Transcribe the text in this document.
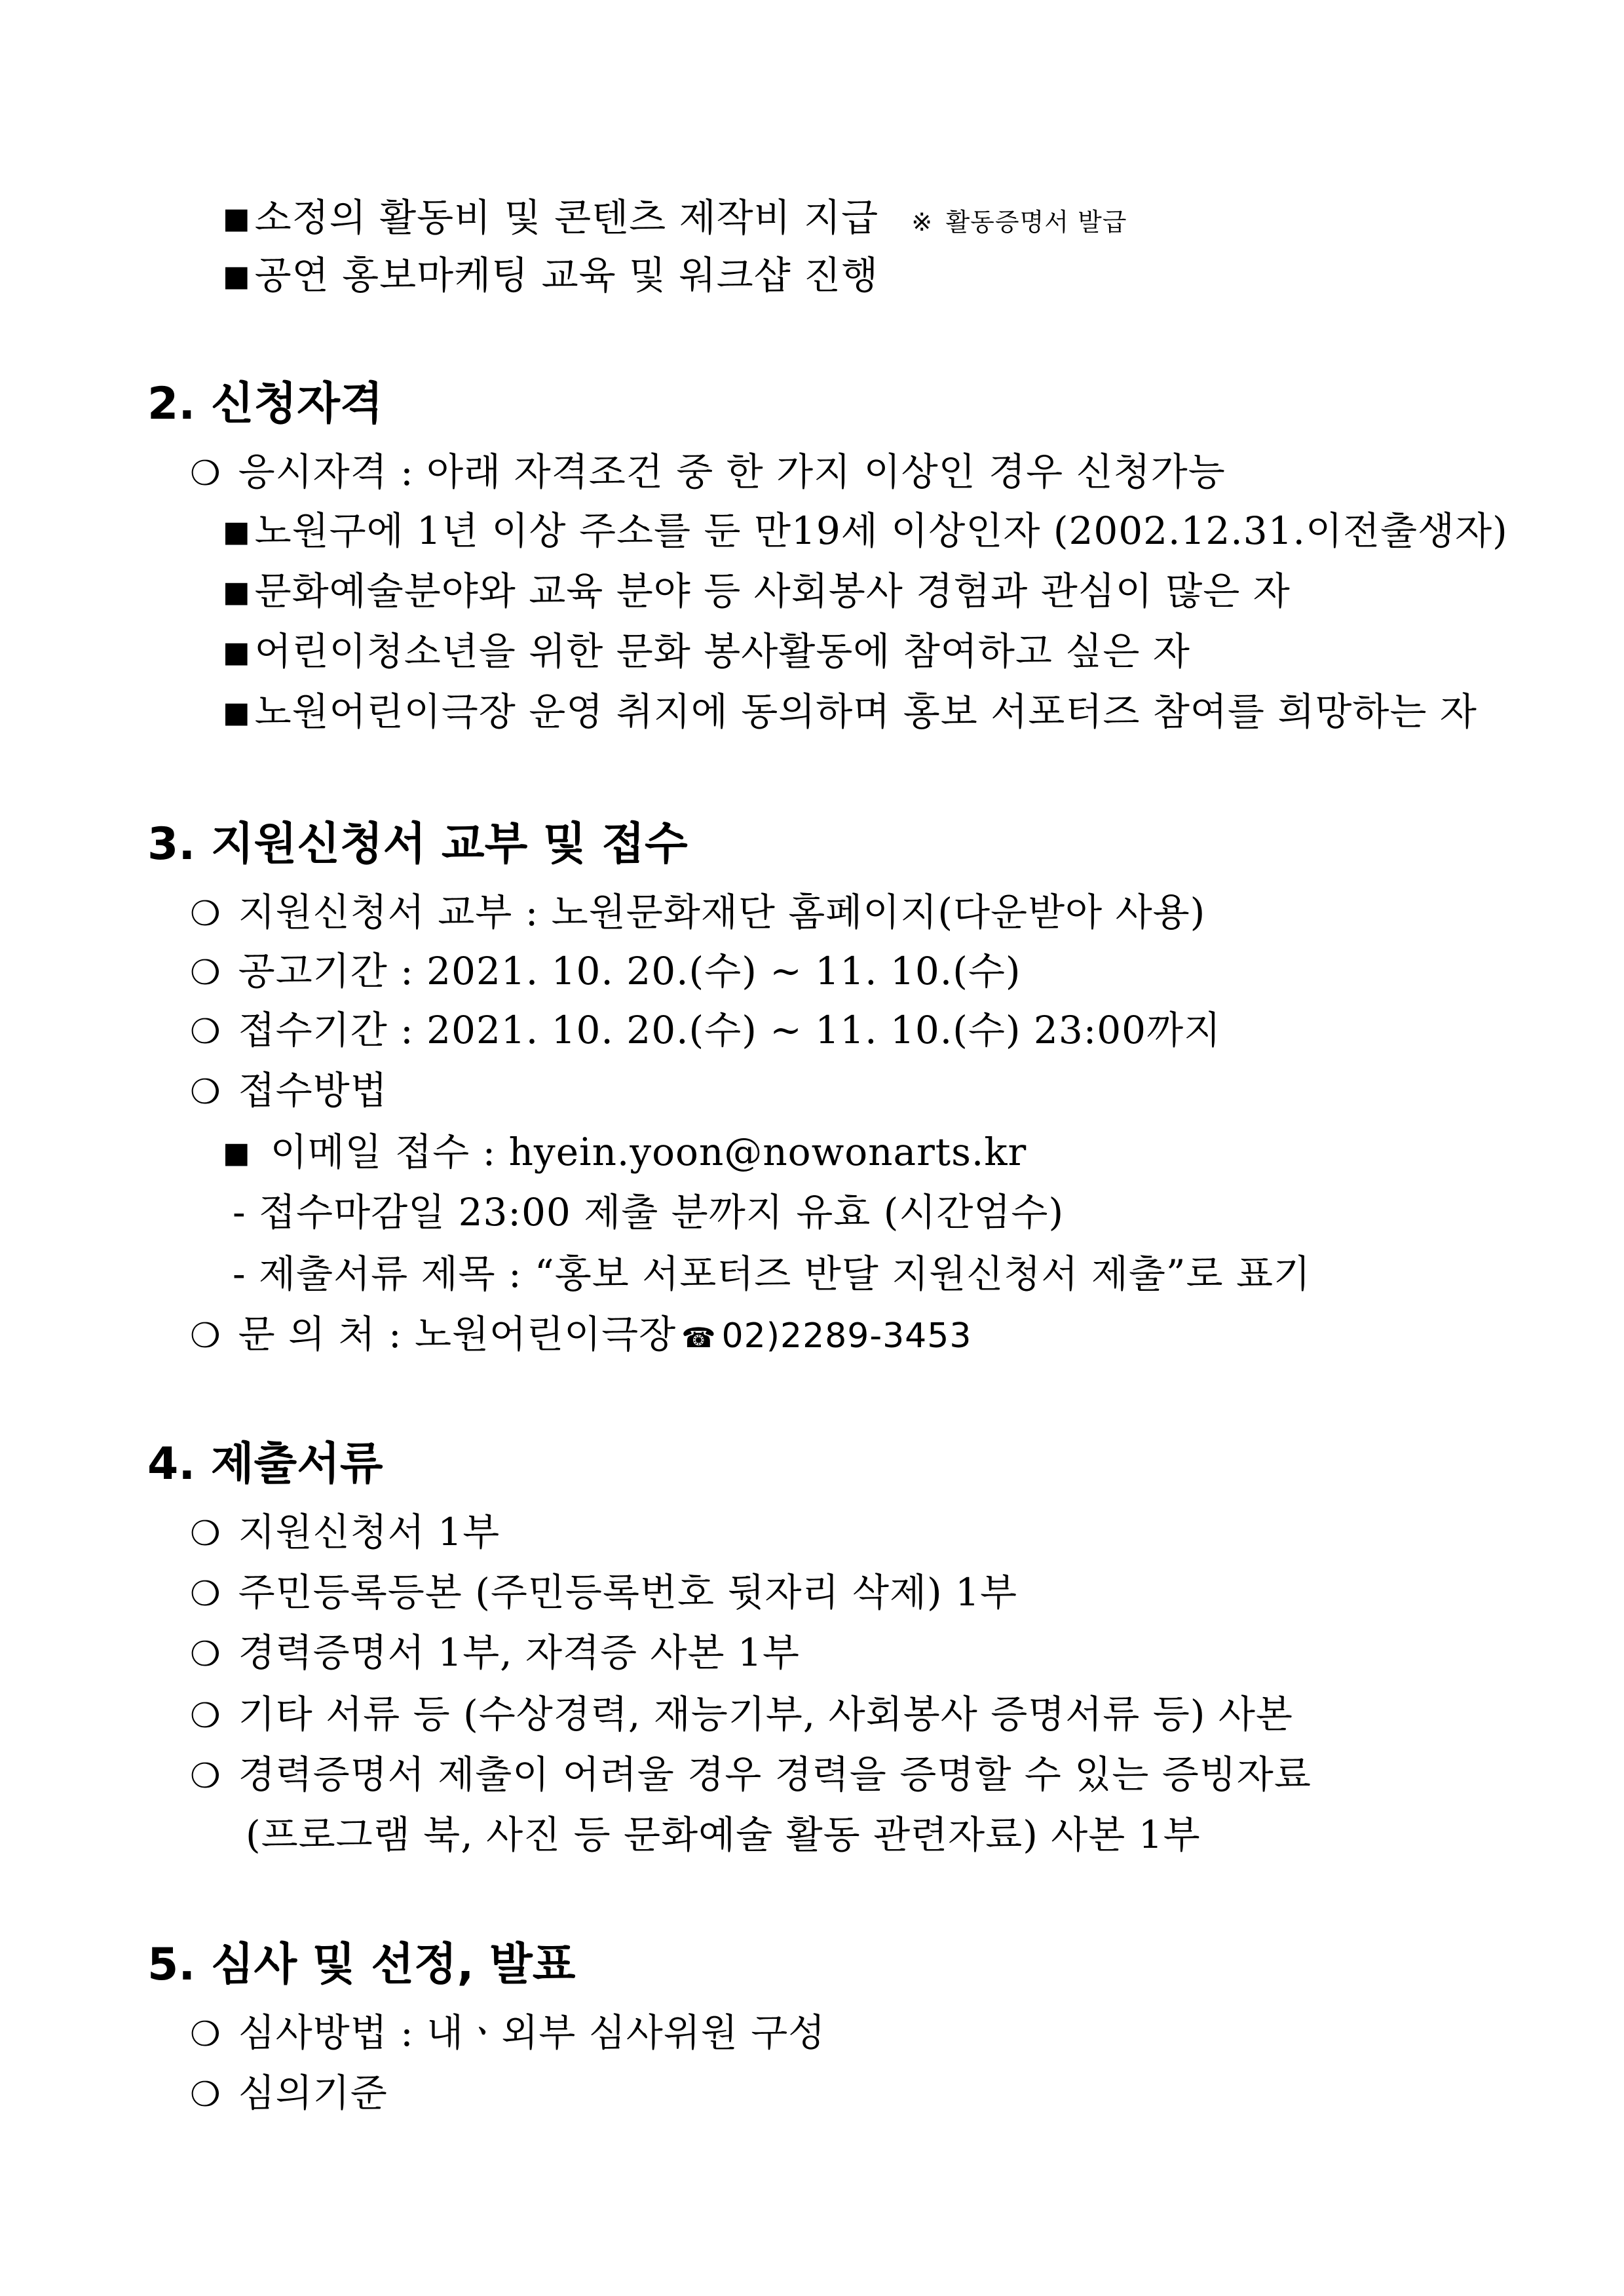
■ 소정의 활동비 및 콘텐츠 제작비 지급 ※ 활동증명서 발급
■ 공연 홍보마케팅 교육 및 워크샵 진행
2. 신청자격
❍ 응시자격 : 아래 자격조건 중 한 가지 이상인 경우 신청가능
■ 노원구에 1년 이상 주소를 둔 만19세 이상인자 (2002.12.31.이전출생자)
■ 문화예술분야와 교육 분야 등 사회봉사 경험과 관심이 많은 자
■ 어린이청소년을 위한 문화 봉사활동에 참여하고 싶은 자
■ 노원어린이극장 운영 취지에 동의하며 홍보 서포터즈 참여를 희망하는 자
3. 지원신청서 교부 및 접수
❍ 지원신청서 교부 : 노원문화재단 홈페이지(다운받아 사용)
❍ 공고기간 : 2021. 10. 20.(수) ~ 11. 10.(수)
❍ 접수기간 : 2021. 10. 20.(수) ~ 11. 10.(수) 23:00까지
❍ 접수방법
■ 이메일 접수 : hyein.yoon@nowonarts.kr
- 접수마감일 23:00 제출 분까지 유효 (시간엄수)
- 제출서류 제목 : “홍보 서포터즈 반달 지원신청서 제출”로 표기
❍ 문 의 처 : 노원어린이극장 ☎ 02)2289-3453
4. 제출서류
❍ 지원신청서 1부
❍ 주민등록등본 (주민등록번호 뒷자리 삭제) 1부
❍ 경력증명서 1부, 자격증 사본 1부
❍ 기타 서류 등 (수상경력, 재능기부, 사회봉사 증명서류 등) 사본
❍ 경력증명서 제출이 어려울 경우 경력을 증명할 수 있는 증빙자료
(프로그램 북, 사진 등 문화예술 활동 관련자료) 사본 1부
5. 심사 및 선정, 발표
❍ 심사방법 : 내ㆍ외부 심사위원 구성
❍ 심의기준
